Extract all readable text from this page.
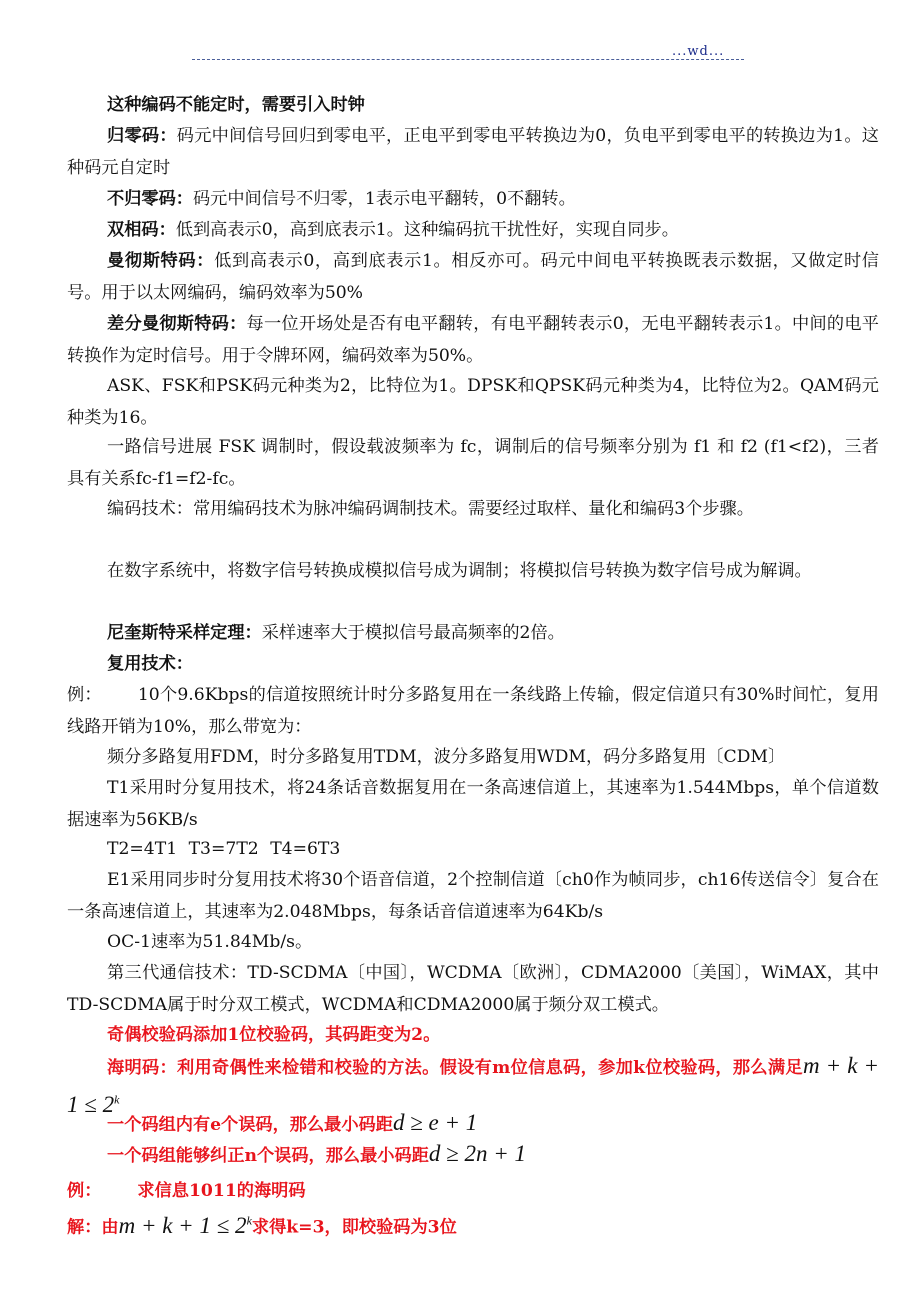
...wd...

这种编码不能定时，需要引入时钟

归零码：码元中间信号回归到零电平，正电平到零电平转换边为0，负电平到零电平的转换边为1。这种码元自定时

不归零码：码元中间信号不归零，1表示电平翻转，0不翻转。

双相码：低到高表示0，高到底表示1。这种编码抗干扰性好，实现自同步。

曼彻斯特码：低到高表示0，高到底表示1。相反亦可。码元中间电平转换既表示数据，又做定时信号。用于以太网编码，编码效率为50%

差分曼彻斯特码：每一位开场处是否有电平翻转，有电平翻转表示0，无电平翻转表示1。中间的电平转换作为定时信号。用于令牌环网，编码效率为50%。

ASK、FSK和PSK码元种类为2，比特位为1。DPSK和QPSK码元种类为4，比特位为2。QAM码元种类为16。

一路信号进展 FSK 调制时，假设载波频率为 fc，调制后的信号频率分别为 f1 和 f2 (f1<f2)，三者具有关系fc-f1=f2-fc。

编码技术：常用编码技术为脉冲编码调制技术。需要经过取样、量化和编码3个步骤。

在数字系统中，将数字信号转换成模拟信号成为调制；将模拟信号转换为数字信号成为解调。

尼奎斯特采样定理：采样速率大于模拟信号最高频率的2倍。

复用技术：

例： 10个9.6Kbps的信道按照统计时分多路复用在一条线路上传输，假定信道只有30%时间忙，复用线路开销为10%，那么带宽为：

频分多路复用FDM，时分多路复用TDM，波分多路复用WDM，码分多路复用〔CDM〕

T1采用时分复用技术，将24条话音数据复用在一条高速信道上，其速率为1.544Mbps，单个信道数据速率为56KB/s

T2=4T1 T3=7T2 T4=6T3

E1采用同步时分复用技术将30个语音信道，2个控制信道〔ch0作为帧同步，ch16传送信令〕复合在一条高速信道上，其速率为2.048Mbps，每条话音信道速率为64Kb/s

OC-1速率为51.84Mb/s。

第三代通信技术：TD-SCDMA〔中国〕，WCDMA〔欧洲〕，CDMA2000〔美国〕，WiMAX，其中TD-SCDMA属于时分双工模式，WCDMA和CDMA2000属于频分双工模式。

奇偶校验码添加1位校验码，其码距变为2。

海明码：利用奇偶性来检错和校验的方法。假设有m位信息码，参加k位校验码，那么满足$m + k + 1 \le 2^k$

一个码组内有e个误码，那么最小码距d ≥ e + 1

一个码组能够纠正n个误码，那么最小码距d ≥ 2n + 1

例： 求信息1011的海明码

解：由$m + k + 1 \le 2^k$求得k=3，即校验码为3位
